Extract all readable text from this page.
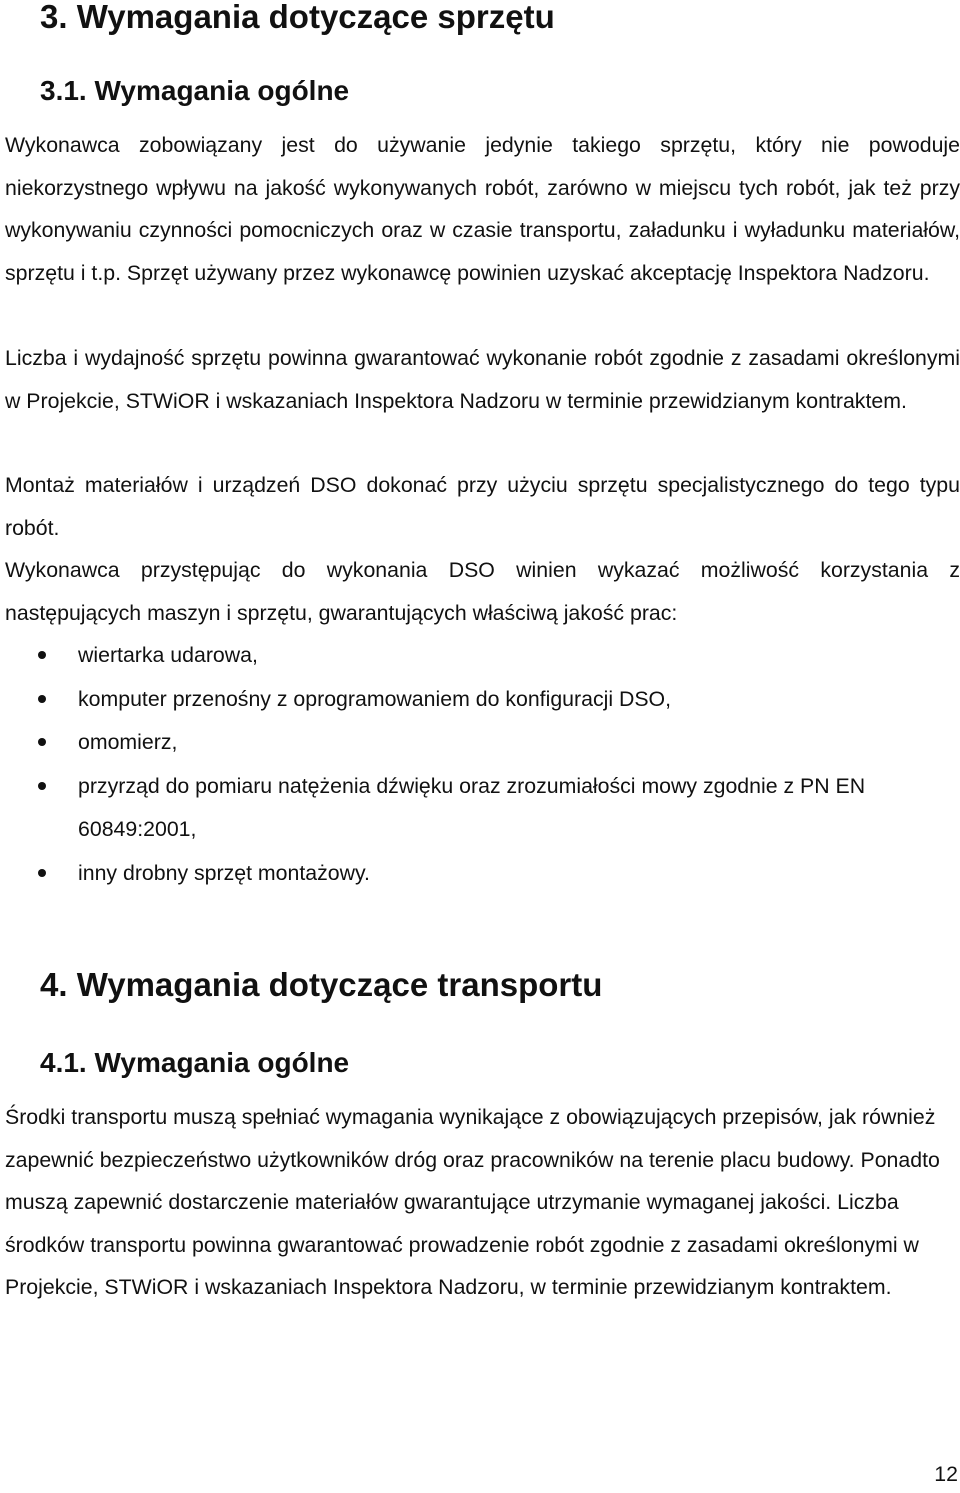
3. Wymagania dotyczące sprzętu
3.1. Wymagania ogólne

Wykonawca zobowiązany jest do używanie jedynie takiego sprzętu, który nie powoduje niekorzystnego wpływu na jakość wykonywanych robót, zarówno w miejscu tych robót, jak też przy wykonywaniu czynności pomocniczych oraz w czasie transportu, załadunku i wyładunku materiałów, sprzętu i t.p. Sprzęt używany przez wykonawcę powinien uzyskać akceptację Inspektora Nadzoru.

Liczba i wydajność sprzętu powinna gwarantować wykonanie robót zgodnie z zasadami określonymi w Projekcie, STWiOR i wskazaniach Inspektora Nadzoru w terminie przewidzianym kontraktem.

Montaż materiałów i urządzeń DSO dokonać przy użyciu sprzętu specjalistycznego do tego typu robót.

Wykonawca przystępując do wykonania DSO winien wykazać możliwość korzystania z następujących maszyn i sprzętu, gwarantujących właściwą jakość prac:

wiertarka udarowa,
komputer przenośny z oprogramowaniem do konfiguracji DSO,
omomierz,
przyrząd do pomiaru natężenia dźwięku oraz zrozumiałości mowy zgodnie z PN EN 60849:2001,
inny drobny sprzęt montażowy.
4. Wymagania dotyczące transportu
4.1. Wymagania ogólne

Środki transportu muszą spełniać wymagania wynikające z obowiązujących przepisów, jak również zapewnić bezpieczeństwo użytkowników dróg oraz pracowników na terenie placu budowy. Ponadto muszą zapewnić dostarczenie materiałów gwarantujące utrzymanie wymaganej jakości. Liczba środków transportu powinna gwarantować prowadzenie robót zgodnie z zasadami określonymi w Projekcie, STWiOR i wskazaniach Inspektora Nadzoru, w terminie przewidzianym kontraktem.

12
